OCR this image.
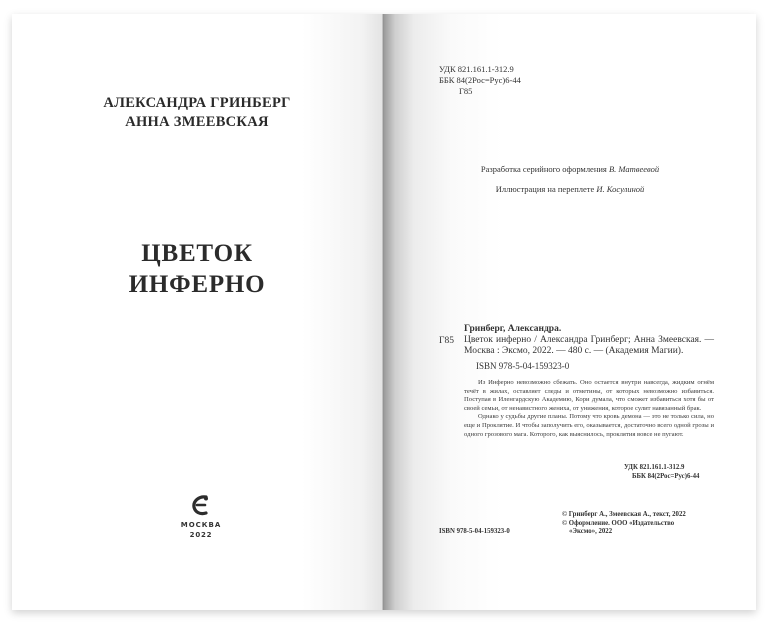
АЛЕКСАНДРА ГРИНБЕРГ
АННА ЗМЕЕВСКАЯ
ЦВЕТОК
ИНФЕРНО
МОСКВА
2022
УДК 821.161.1-312.9
ББК 84(2Рос=Рус)6-44
Г85
Разработка серийного оформления В. Матвеевой
Иллюстрация на переплете И. Косулиной
Гринберг, Александра.
Г85 Цветок инферно / Александра Гринберг; Анна Змеевская. — Москва : Эксмо, 2022. — 480 с. — (Академия Магии).
ISBN 978-5-04-159323-0

Из Инферно невозможно сбежать. Оно остается внутри навсегда, жидким огнём течёт в жилах, оставляет следы и отметины, от которых невозможно избавиться. Поступая в Иленгардскую Академию, Кори думала, что сможет избавиться хотя бы от своей семьи, от ненавистного жениха, от унижения, которое сулит навязанный брак.

Однако у судьбы другие планы. Потому что кровь демона — это не только сила, но еще и Проклятие. И чтобы заполучить его, оказывается, достаточно всего одной грозы и одного грозового мага. Которого, как выяснилось, проклятия вовсе не пугают.

УДК 821.161.1-312.9
ББК 84(2Рос=Рус)6-44
ISBN 978-5-04-159323-0
© Гринберг А., Змеевская А., текст, 2022
© Оформление. ООО «Издательство
«Эксмо», 2022
